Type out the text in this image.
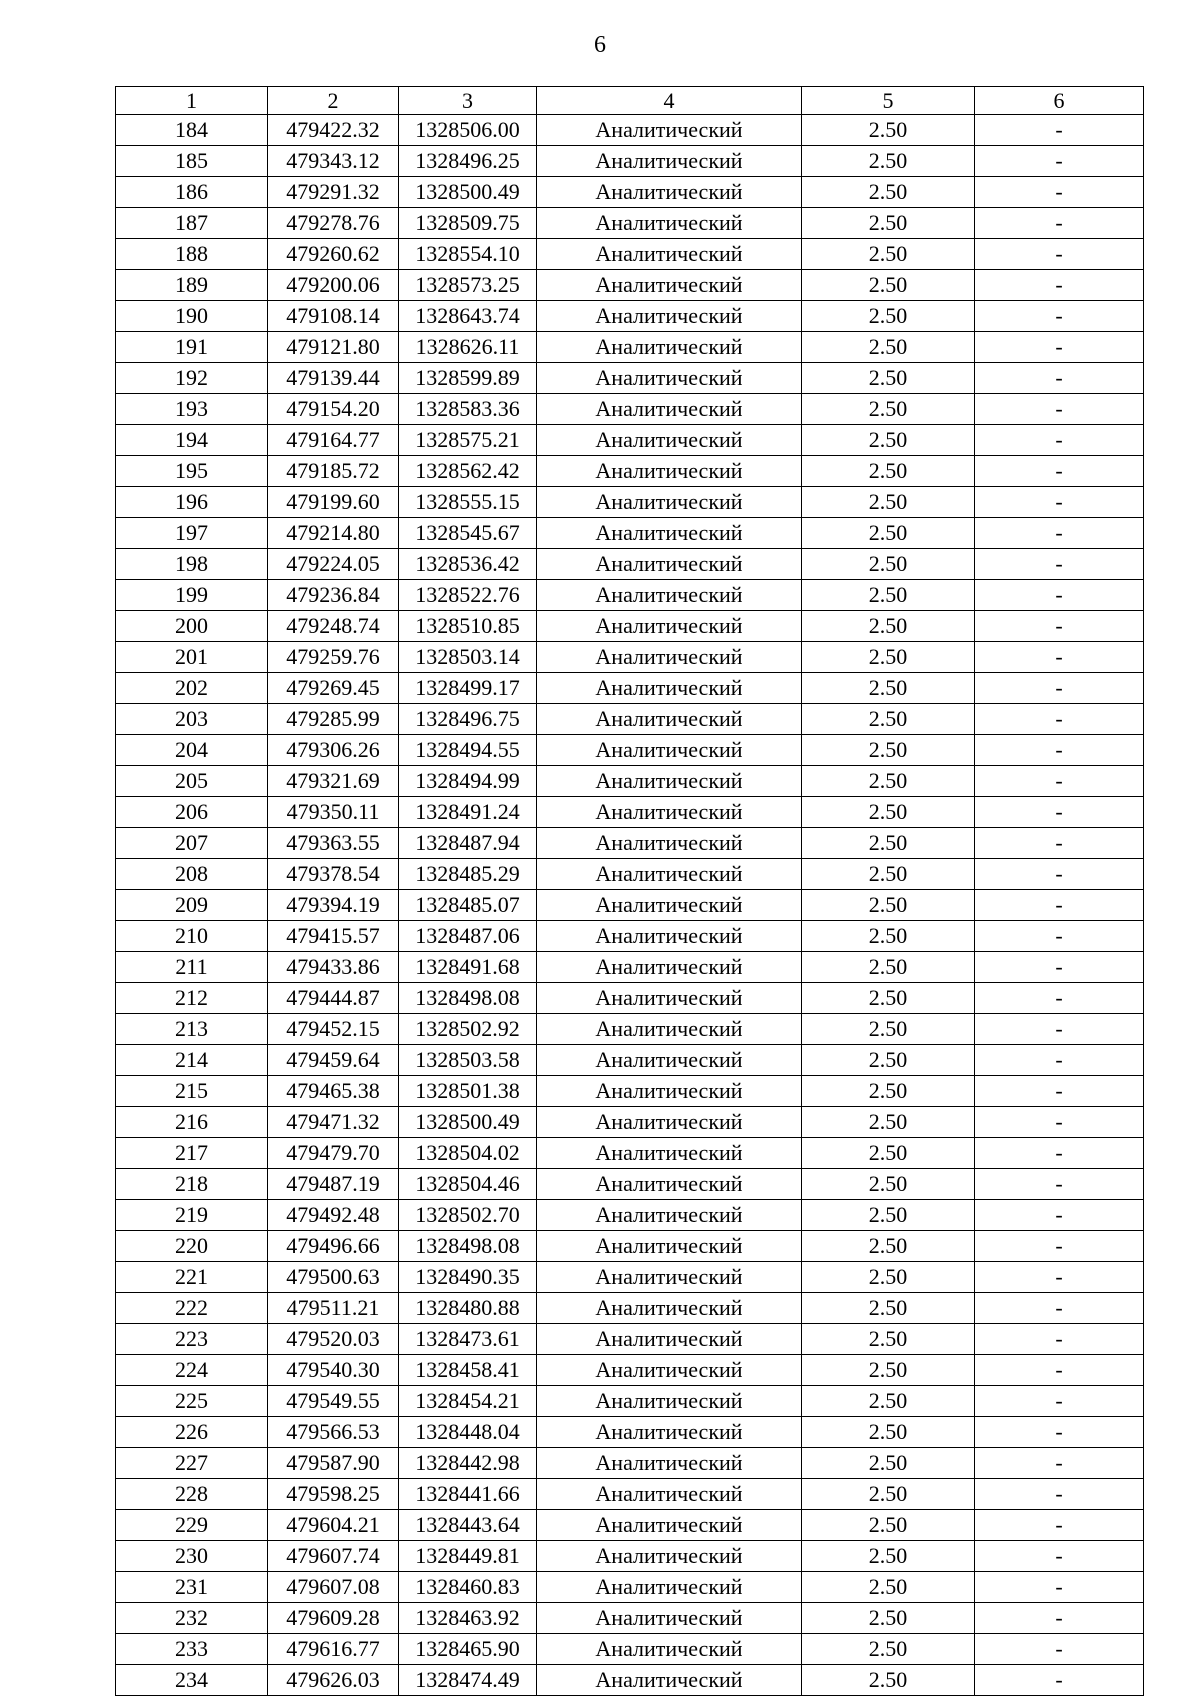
6
1	2	3	4	5	6
184	479422.32	1328506.00	Аналитический	2.50	-
185	479343.12	1328496.25	Аналитический	2.50	-
186	479291.32	1328500.49	Аналитический	2.50	-
187	479278.76	1328509.75	Аналитический	2.50	-
188	479260.62	1328554.10	Аналитический	2.50	-
189	479200.06	1328573.25	Аналитический	2.50	-
190	479108.14	1328643.74	Аналитический	2.50	-
191	479121.80	1328626.11	Аналитический	2.50	-
192	479139.44	1328599.89	Аналитический	2.50	-
193	479154.20	1328583.36	Аналитический	2.50	-
194	479164.77	1328575.21	Аналитический	2.50	-
195	479185.72	1328562.42	Аналитический	2.50	-
196	479199.60	1328555.15	Аналитический	2.50	-
197	479214.80	1328545.67	Аналитический	2.50	-
198	479224.05	1328536.42	Аналитический	2.50	-
199	479236.84	1328522.76	Аналитический	2.50	-
200	479248.74	1328510.85	Аналитический	2.50	-
201	479259.76	1328503.14	Аналитический	2.50	-
202	479269.45	1328499.17	Аналитический	2.50	-
203	479285.99	1328496.75	Аналитический	2.50	-
204	479306.26	1328494.55	Аналитический	2.50	-
205	479321.69	1328494.99	Аналитический	2.50	-
206	479350.11	1328491.24	Аналитический	2.50	-
207	479363.55	1328487.94	Аналитический	2.50	-
208	479378.54	1328485.29	Аналитический	2.50	-
209	479394.19	1328485.07	Аналитический	2.50	-
210	479415.57	1328487.06	Аналитический	2.50	-
211	479433.86	1328491.68	Аналитический	2.50	-
212	479444.87	1328498.08	Аналитический	2.50	-
213	479452.15	1328502.92	Аналитический	2.50	-
214	479459.64	1328503.58	Аналитический	2.50	-
215	479465.38	1328501.38	Аналитический	2.50	-
216	479471.32	1328500.49	Аналитический	2.50	-
217	479479.70	1328504.02	Аналитический	2.50	-
218	479487.19	1328504.46	Аналитический	2.50	-
219	479492.48	1328502.70	Аналитический	2.50	-
220	479496.66	1328498.08	Аналитический	2.50	-
221	479500.63	1328490.35	Аналитический	2.50	-
222	479511.21	1328480.88	Аналитический	2.50	-
223	479520.03	1328473.61	Аналитический	2.50	-
224	479540.30	1328458.41	Аналитический	2.50	-
225	479549.55	1328454.21	Аналитический	2.50	-
226	479566.53	1328448.04	Аналитический	2.50	-
227	479587.90	1328442.98	Аналитический	2.50	-
228	479598.25	1328441.66	Аналитический	2.50	-
229	479604.21	1328443.64	Аналитический	2.50	-
230	479607.74	1328449.81	Аналитический	2.50	-
231	479607.08	1328460.83	Аналитический	2.50	-
232	479609.28	1328463.92	Аналитический	2.50	-
233	479616.77	1328465.90	Аналитический	2.50	-
234	479626.03	1328474.49	Аналитический	2.50	-
